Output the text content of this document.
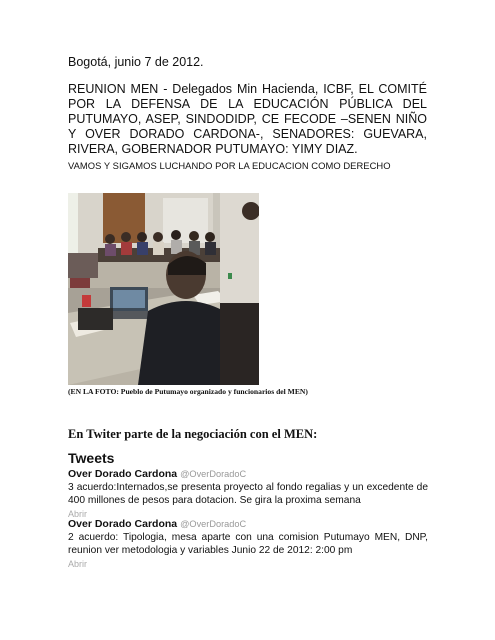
Bogotá, junio 7 de 2012.
REUNION MEN - Delegados Min Hacienda, ICBF, EL COMITÉ POR LA DEFENSA DE LA EDUCACIÓN PÚBLICA DEL PUTUMAYO, ASEP, SINDODIDP, CE FECODE –SENEN NIÑO Y OVER DORADO CARDONA-, SENADORES: GUEVARA, RIVERA, GOBERNADOR PUTUMAYO: YIMY DIAZ.
VAMOS Y SIGAMOS LUCHANDO POR LA EDUCACION COMO DERECHO
(EN LA FOTO: Pueblo de Putumayo organizado y funcionarios del MEN)
En Twiter parte de la negociación con el MEN:
Tweets
Over Dorado Cardona @OverDoradoC
3 acuerdo:Internados,se presenta proyecto al fondo regalias y un excedente de 400 millones de pesos para dotacion. Se gira la proxima semana
Abrir
Over Dorado Cardona @OverDoradoC
2 acuerdo: Tipologia, mesa aparte con una comision Putumayo MEN, DNP, reunion ver metodologia y variables Junio 22 de 2012: 2:00 pm
Abrir
